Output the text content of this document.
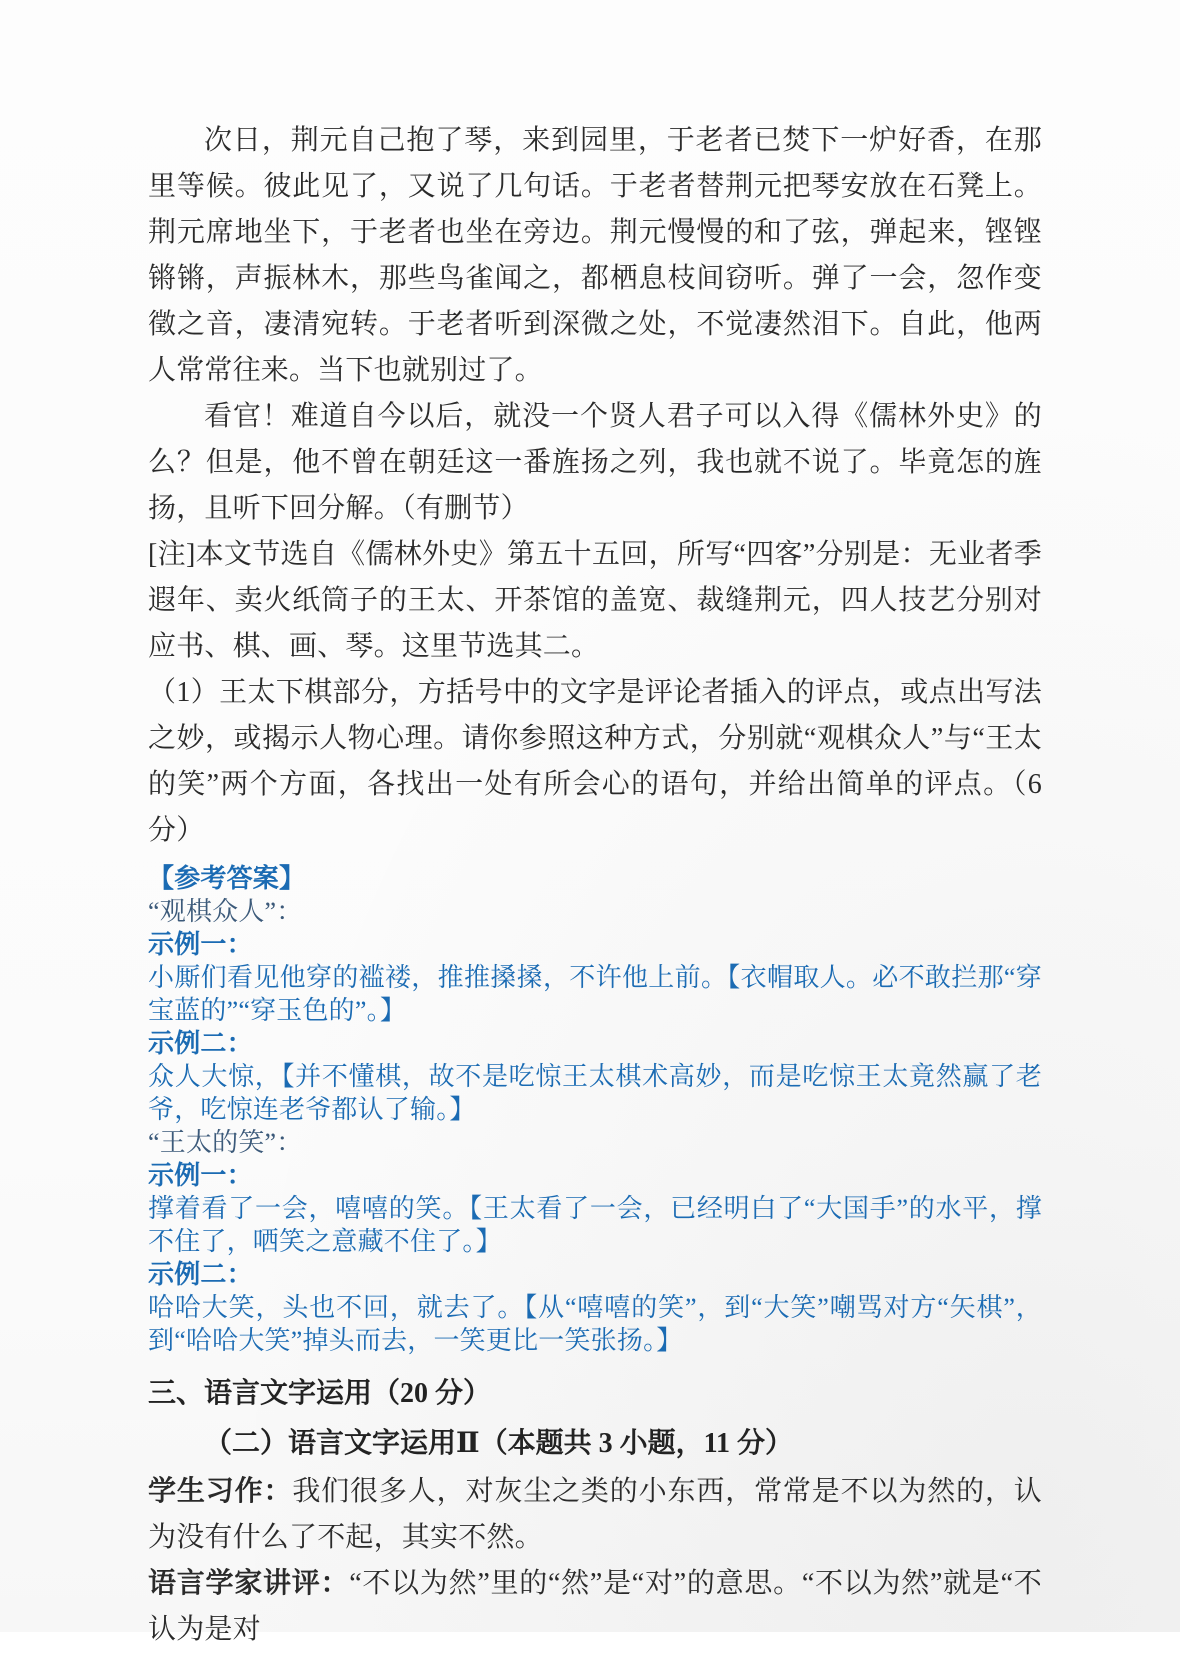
次日，荆元自己抱了琴，来到园里，于老者已焚下一炉好香，在那里等候。彼此见了，又说了几句话。于老者替荆元把琴安放在石凳上。荆元席地坐下，于老者也坐在旁边。荆元慢慢的和了弦，弹起来，铿铿锵锵，声振林木，那些鸟雀闻之，都栖息枝间窃听。弹了一会，忽作变徵之音，凄清宛转。于老者听到深微之处，不觉凄然泪下。自此，他两人常常往来。当下也就别过了。

看官！难道自今以后，就没一个贤人君子可以入得《儒林外史》的么？但是，他不曾在朝廷这一番旌扬之列，我也就不说了。毕竟怎的旌扬，且听下回分解。（有删节）

[注]本文节选自《儒林外史》第五十五回，所写“四客”分别是：无业者季遐年、卖火纸筒子的王太、开茶馆的盖宽、裁缝荆元，四人技艺分别对应书、棋、画、琴。这里节选其二。

（1）王太下棋部分，方括号中的文字是评论者插入的评点，或点出写法之妙，或揭示人物心理。请你参照这种方式，分别就“观棋众人”与“王太的笑”两个方面，各找出一处有所会心的语句，并给出简单的评点。（6 分）

【参考答案】

“观棋众人”：

示例一：

小厮们看见他穿的褴褛，推推搡搡，不许他上前。【衣帽取人。必不敢拦那“穿宝蓝的”“穿玉色的”。】

示例二：

众人大惊，【并不懂棋，故不是吃惊王太棋术高妙，而是吃惊王太竟然赢了老爷，吃惊连老爷都认了输。】

“王太的笑”：

示例一：

撑着看了一会，嘻嘻的笑。【王太看了一会，已经明白了“大国手”的水平，撑不住了，哂笑之意藏不住了。】

示例二：

哈哈大笑，头也不回，就去了。【从“嘻嘻的笑”，到“大笑”嘲骂对方“矢棋”，到“哈哈大笑”掉头而去，一笑更比一笑张扬。】

三、语言文字运用（20 分）

（二）语言文字运用Ⅱ（本题共 3 小题，11 分）

学生习作：我们很多人，对灰尘之类的小东西，常常是不以为然的，认为没有什么了不起，其实不然。

语言学家讲评：“不以为然”里的“然”是“对”的意思。“不以为然”就是“不认为是对
